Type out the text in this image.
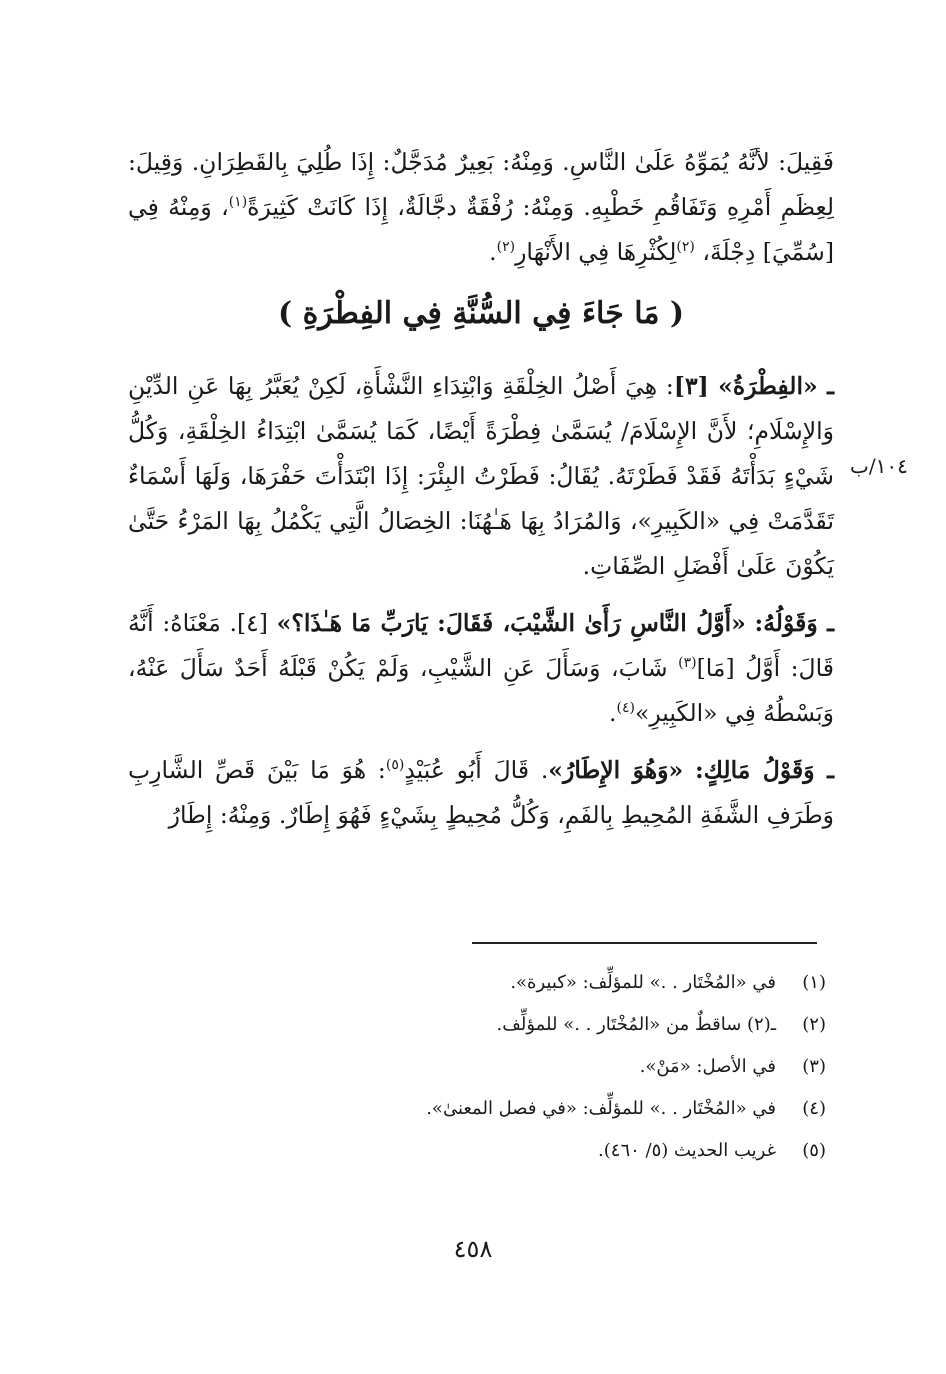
فَقِيلَ: لأنَّهُ يُمَوِّهُ عَلَىٰ النَّاسِ. وَمِنْهُ: بَعِيرٌ مُدَجَّلٌ: إِذَا طُلِيَ بِالقَطِرَانِ. وَقِيلَ: لِعِظَمِ أَمْرِهِ وَتَفَاقُمِ خَطْبِهِ. وَمِنْهُ: رُفْقَةٌ دجَّالَةٌ، إِذَا كَانَتْ كَثِيرَةً$^{(١)}$، وَمِنْهُ فِي [سُمِّيَ] دِجْلَةَ، $^{(٢)}$لِكُثْرِهَا فِي الأَنْهَارِ$^{(٢)}$.

( مَا جَاءَ فِي السُّنَّةِ فِي الفِطْرَةِ )

ـ «الفِطْرَةُ» [٣]: هِيَ أَصْلُ الخِلْقَةِ وَابْتِدَاءِ النَّشْأَةِ، لَكِنْ يُعَبَّرُ بِهَا عَنِ الدِّيْنِ وَالإِسْلَامِ؛ لأَنَّ الإِسْلَامَ/ يُسَمَّىٰ فِطْرَةً أَيْضًا، كَمَا يُسَمَّىٰ ابْتِدَاءُ الخِلْقَةِ، وَكُلُّ شَيْءٍ بَدَأْتَهُ فَقَدْ فَطَرْتَهُ. يُقَالُ: فَطَرْتُ البِئْرَ: إِذَا ابْتَدَأْتَ حَفْرَهَا، وَلَهَا أَسْمَاءٌ تَقَدَّمَتْ فِي «الكَبِيرِ»، وَالمُرَادُ بِهَا هَـٰهُنَا: الخِصَالُ الَّتِي يَكْمُلُ بِهَا المَرْءُ حَتَّىٰ يَكُوْنَ عَلَىٰ أَفْضَلِ الصِّفَاتِ.

ـ وَقَوْلُهُ: «أَوَّلُ النَّاسِ رَأَىٰ الشَّيْبَ، فَقَالَ: يَارَبِّ مَا هَـٰذَا؟» [٤]. مَعْنَاهُ: أَنَّهُ قَالَ: أَوَّلُ [مَا]$^{(٣)}$ شَابَ، وَسَأَلَ عَنِ الشَّيْبِ، وَلَمْ يَكُنْ قَبْلَهُ أَحَدٌ سَأَلَ عَنْهُ، وَبَسْطُهُ فِي «الكَبِيرِ»$^{(٤)}$.

ـ وَقَوْلُ مَالِكٍ: «وَهُوَ الإِطَارُ». قَالَ أَبُو عُبَيْدٍ$^{(٥)}$: هُوَ مَا بَيْنَ قَصِّ الشَّارِبِ وَطَرَفِ الشَّفَةِ المُحِيطِ بِالفَمِ، وَكُلُّ مُحِيطٍ بِشَيْءٍ فَهُوَ إِطَارٌ. وَمِنْهُ: إِطَارُ

١٠٤/ب
(١)
في «المُخْتَار . .» للمؤلِّف: «كبيرة».
(٢)
ـ(٢) ساقطٌ من «المُخْتَار . .» للمؤلِّف.
(٣)
في الأصل: «مَنْ».
(٤)
في «المُخْتَار . .» للمؤلِّف: «في فصل المعنىٰ».
(٥)
غريب الحديث (٥/ ٤٦٠).
٤٥٨
